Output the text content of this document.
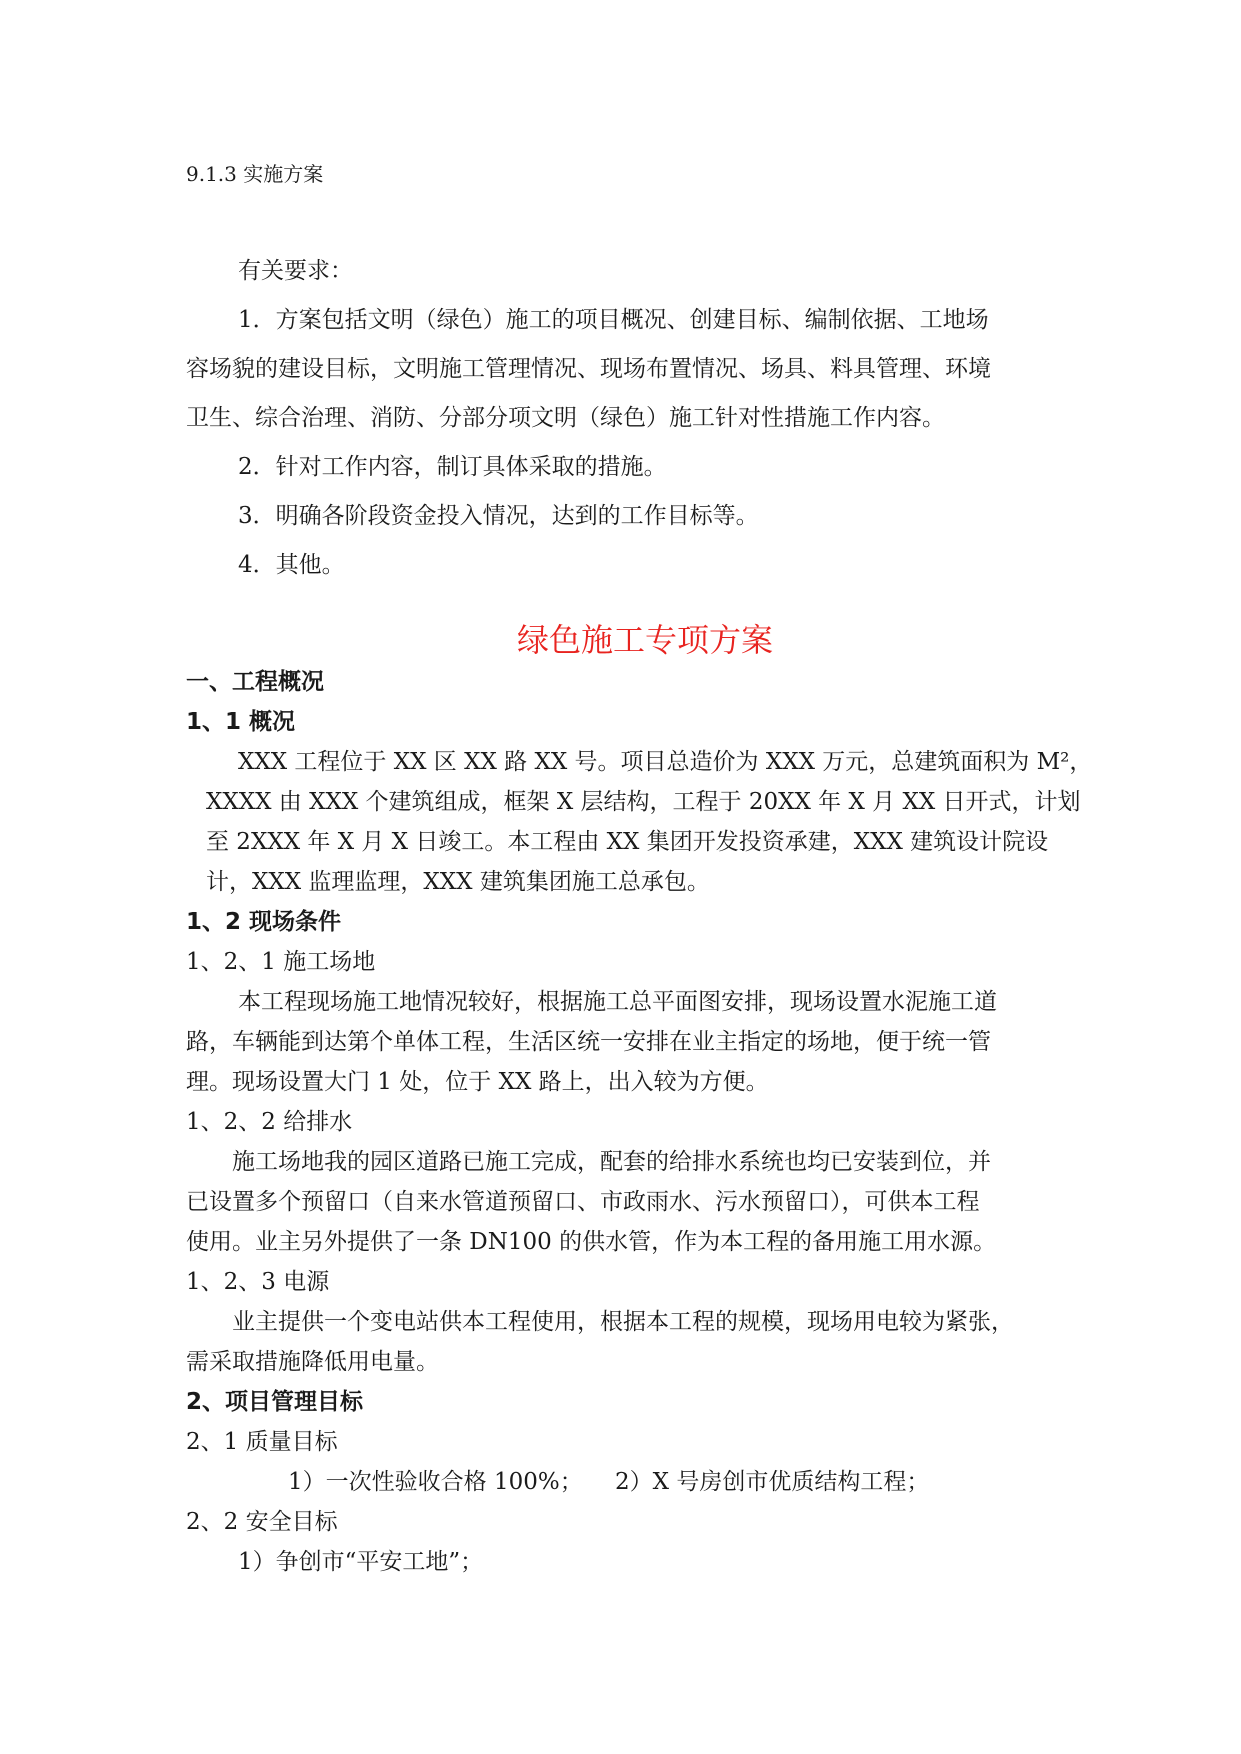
9.1.3 实施方案
有关要求：
1．方案包括文明（绿色）施工的项目概况、创建目标、编制依据、工地场
容场貌的建设目标，文明施工管理情况、现场布置情况、场具、料具管理、环境
卫生、综合治理、消防、分部分项文明（绿色）施工针对性措施工作内容。
2．针对工作内容，制订具体采取的措施。
3．明确各阶段资金投入情况，达到的工作目标等。
4．其他。
绿色施工专项方案
一、工程概况
1、1 概况
XXX 工程位于 XX 区 XX 路 XX 号。项目总造价为 XXX 万元，总建筑面积为 M²，
XXXX 由 XXX 个建筑组成，框架 X 层结构，工程于 20XX 年 X 月 XX 日开式，计划
至 2XXX 年 X 月 X 日竣工。本工程由 XX 集团开发投资承建，XXX 建筑设计院设
计，XXX 监理监理，XXX 建筑集团施工总承包。
1、2 现场条件
1、2、1 施工场地
本工程现场施工地情况较好，根据施工总平面图安排，现场设置水泥施工道
路，车辆能到达第个单体工程，生活区统一安排在业主指定的场地，便于统一管
理。现场设置大门 1 处，位于 XX 路上，出入较为方便。
1、2、2 给排水
施工场地我的园区道路已施工完成，配套的给排水系统也均已安装到位，并
已设置多个预留口（自来水管道预留口、市政雨水、污水预留口），可供本工程
使用。业主另外提供了一条 DN100 的供水管，作为本工程的备用施工用水源。
1、2、3 电源
业主提供一个变电站供本工程使用，根据本工程的规模，现场用电较为紧张，
需采取措施降低用电量。
2、项目管理目标
2、1 质量目标
1）一次性验收合格 100%； 2）X 号房创市优质结构工程；
2、2 安全目标
1）争创市“平安工地”；
